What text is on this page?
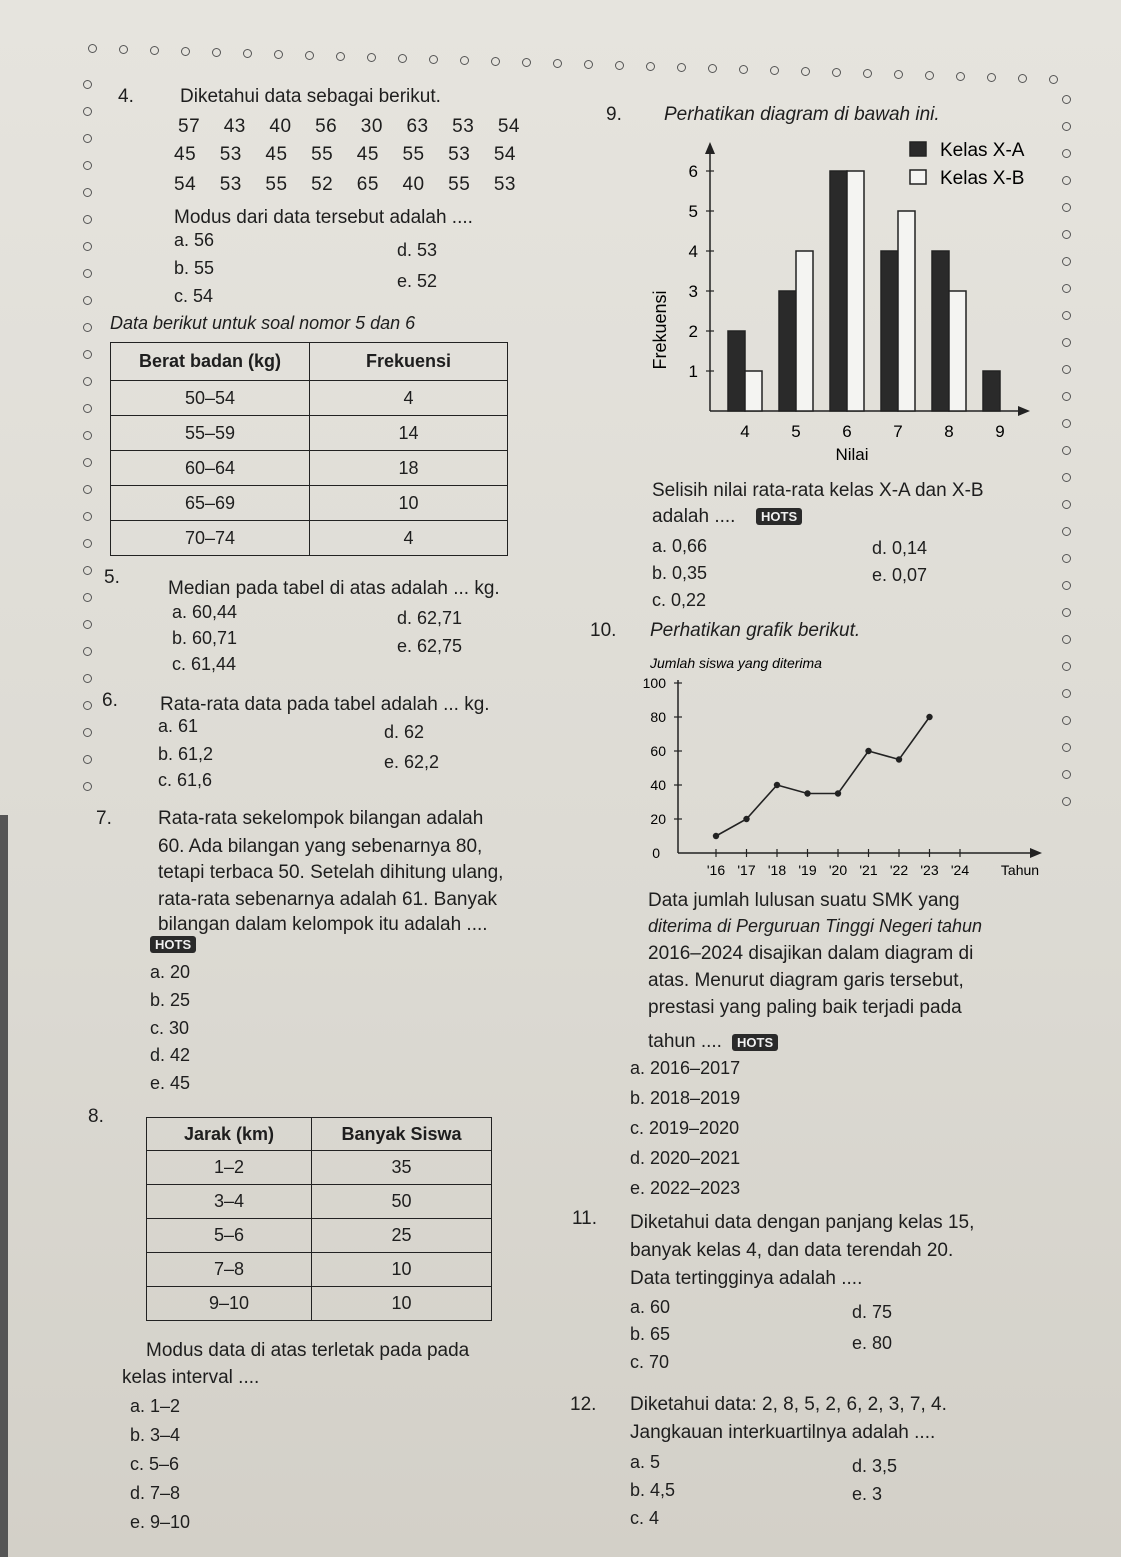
4. Diketahui data sebagai berikut.
57  43  40  56  30  63  53  54
45  53  45  55  45  55  53  54
54  53  55  52  65  40  55  53
Modus dari data tersebut adalah ....
a. 56
b. 55
c. 54
d. 53
e. 52
Data berikut untuk soal nomor 5 dan 6
Berat badan (kg)	Frekuensi
50–54	4
55–59	14
60–64	18
65–69	10
70–74	4
5.
Median pada tabel di atas adalah ... kg.
a. 60,44
b. 60,71
c. 61,44
d. 62,71
e. 62,75
6. Rata-rata data pada tabel adalah ... kg.
a. 61
b. 61,2
c. 61,6
d. 62
e. 62,2
7. Rata-rata sekelompok bilangan adalah
60. Ada bilangan yang sebenarnya 80,
tetapi terbaca 50. Setelah dihitung ulang,
rata-rata sebenarnya adalah 61. Banyak
bilangan dalam kelompok itu adalah ....
HOTS
a. 20
b. 25
c. 30
d. 42
e. 45
8.
Jarak (km)	Banyak Siswa
1–2	35
3–4	50
5–6	25
7–8	10
9–10	10
Modus data di atas terletak pada pada
kelas interval ....
a. 1–2
b. 3–4
c. 5–6
d. 7–8
e. 9–10
9. Perhatikan diagram di bawah ini.
1
2
3
4
5
6
Frekuensi
4 5 6 7 8 9
Nilai
Kelas X-A
Kelas X-B
Selisih nilai rata-rata kelas X-A dan X-B
adalah ....	HOTS
a. 0,66
b. 0,35
c. 0,22
d. 0,14
e. 0,07
10. Perhatikan grafik berikut.
Jumlah siswa yang diterima
0
20
40
60
80
100
'16 '17 '18 '19 '20 '21 '22 '23 '24 Tahun
Data jumlah lulusan suatu SMK yang
diterima di Perguruan Tinggi Negeri tahun
2016–2024 disajikan dalam diagram di
atas. Menurut diagram garis tersebut,
prestasi yang paling baik terjadi pada
tahun ....	HOTS
a. 2016–2017
b. 2018–2019
c. 2019–2020
d. 2020–2021
e. 2022–2023
11. Diketahui data dengan panjang kelas 15,
banyak kelas 4, dan data terendah 20.
Data tertingginya adalah ....
a. 60
b. 65
c. 70
d. 75
e. 80
12. Diketahui data: 2, 8, 5, 2, 6, 2, 3, 7, 4.
Jangkauan interkuartilnya adalah ....
a. 5
b. 4,5
c. 4
d. 3,5
e. 3
